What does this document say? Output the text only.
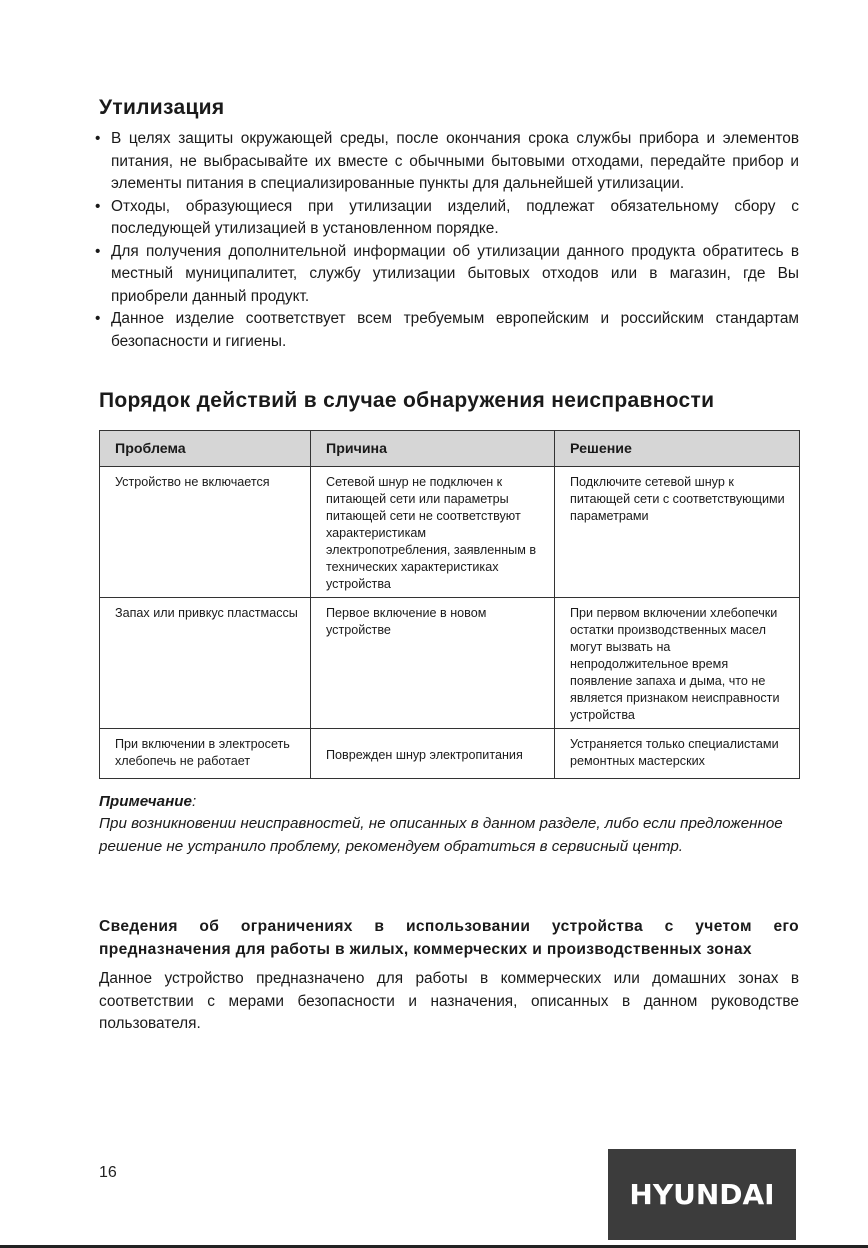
Утилизация
• В целях защиты окружающей среды, после окончания срока службы прибора и элементов питания, не выбрасывайте их вместе с обычными бытовыми отходами, передайте прибор и элементы питания в специализированные пункты для дальнейшей утилизации.
• Отходы, образующиеся при утилизации изделий, подлежат обязательному сбору с последующей утилизацией в установленном порядке.
• Для получения дополнительной информации об утилизации данного продукта обратитесь в местный муниципалитет, службу утилизации бытовых отходов или в магазин, где Вы приобрели данный продукт.
• Данное изделие соответствует всем требуемым европейским и российским стандартам безопасности и гигиены.
Порядок действий в случае обнаружения неисправности
Проблема	Причина	Решение
Устройство не включается	Сетевой шнур не подключен к питающей сети или параметры питающей сети не соответствуют характеристикам электропотребления, заявленным в технических характеристиках устройства	Подключите сетевой шнур к питающей сети с соответствующими параметрами
Запах или привкус пластмассы	Первое включение в новом устройстве	При первом включении хлебопечки остатки производственных масел могут вызвать на непродолжительное время появление запаха и дыма, что не является признаком неисправности устройства
При включении в электросеть хлебопечь не работает	Поврежден шнур электропитания	Устраняется только специалистами ремонтных мастерских
Примечание:

При возникновении неисправностей, не описанных в данном разделе, либо если предложенное решение не устранило проблему, рекомендуем обратиться в сервисный центр.

Сведения об ограничениях в использовании устройства с учетом его предназначения для работы в жилых, коммерческих и производственных зонах

Данное устройство предназначено для работы в коммерческих или домашних зонах в соответствии с мерами безопасности и назначения, описанных в данном руководстве пользователя.

16
HYUNDAI
